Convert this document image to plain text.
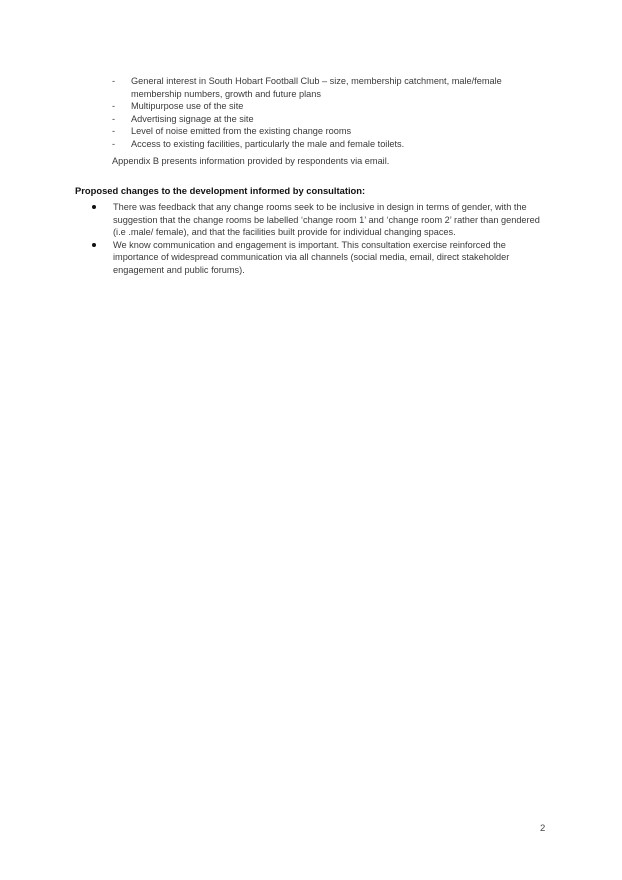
- General interest in South Hobart Football Club – size, membership catchment, male/female membership numbers, growth and future plans
- Multipurpose use of the site
- Advertising signage at the site
- Level of noise emitted from the existing change rooms
- Access to existing facilities, particularly the male and female toilets.

Appendix B presents information provided by respondents via email.

Proposed changes to the development informed by consultation:
There was feedback that any change rooms seek to be inclusive in design in terms of gender, with the suggestion that the change rooms be labelled ‘change room 1’ and ‘change room 2’ rather than gendered (i.e .male/ female), and that the facilities built provide for individual changing spaces.
We know communication and engagement is important. This consultation exercise reinforced the importance of widespread communication via all channels (social media, email, direct stakeholder engagement and public forums).
2
